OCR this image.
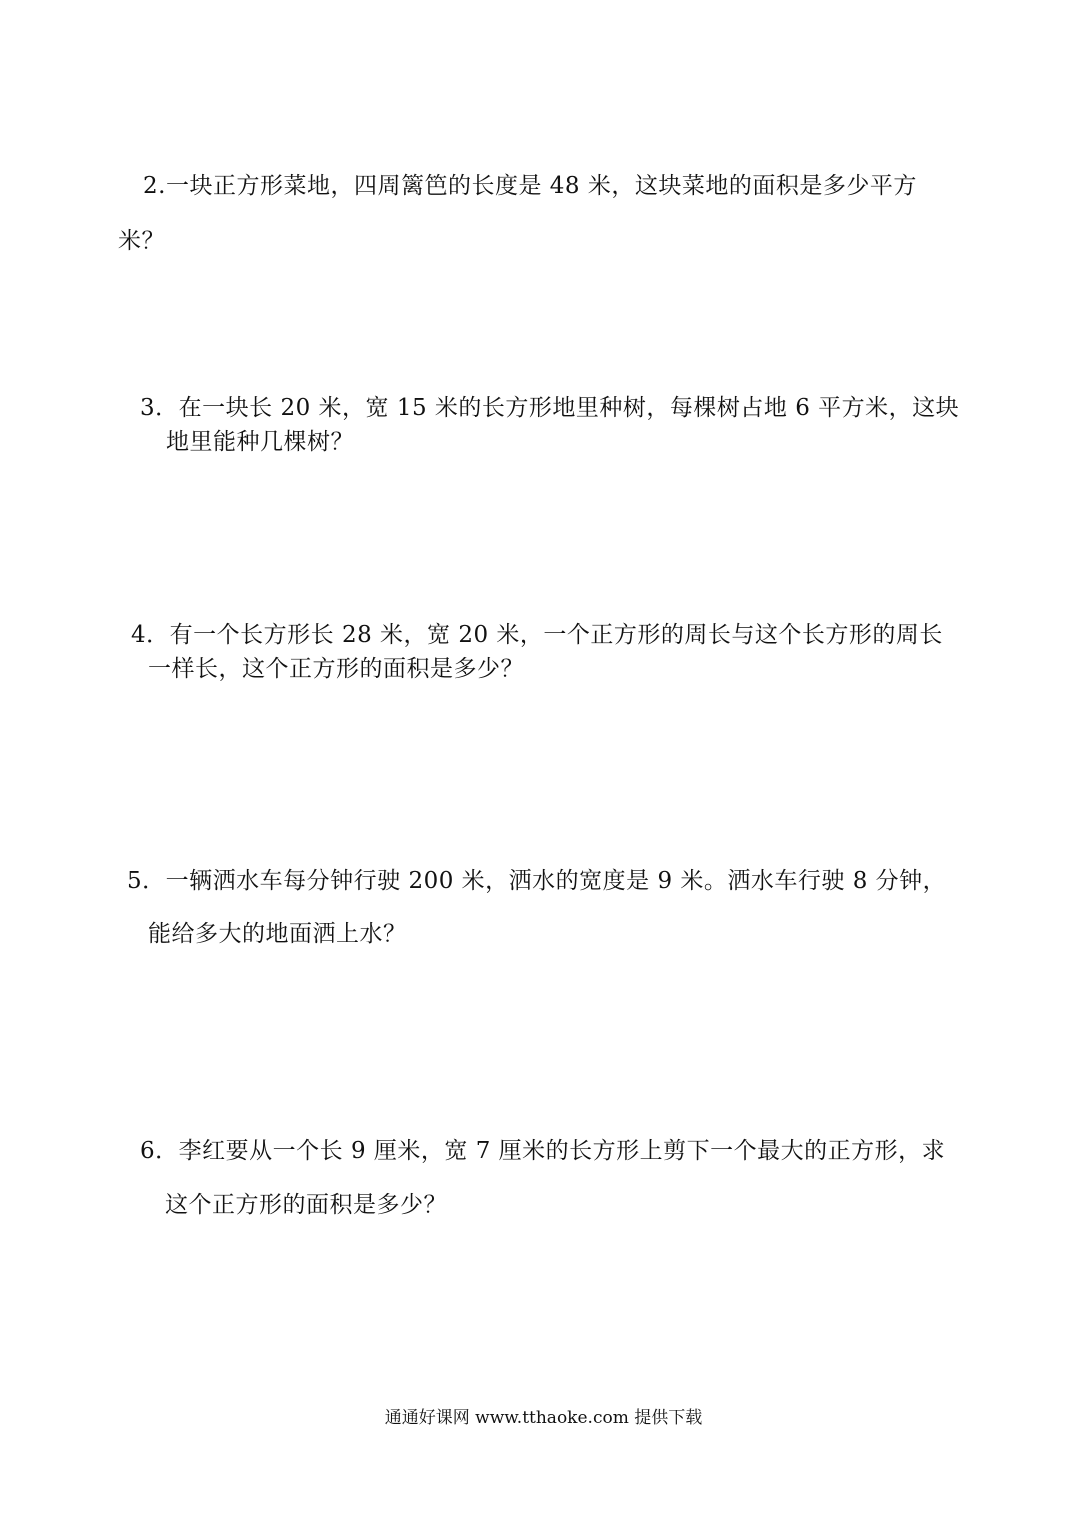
2.一块正方形菜地，四周篱笆的长度是 48 米，这块菜地的面积是多少平方
米？
3．在一块长 20 米，宽 15 米的长方形地里种树，每棵树占地 6 平方米，这块
地里能种几棵树？
4．有一个长方形长 28 米，宽 20 米，一个正方形的周长与这个长方形的周长
一样长，这个正方形的面积是多少？
5．一辆洒水车每分钟行驶 200 米，洒水的宽度是 9 米。洒水车行驶 8 分钟，
能给多大的地面洒上水？
6．李红要从一个长 9 厘米，宽 7 厘米的长方形上剪下一个最大的正方形，求
这个正方形的面积是多少？
通通好课网 www.tthaoke.com 提供下载
